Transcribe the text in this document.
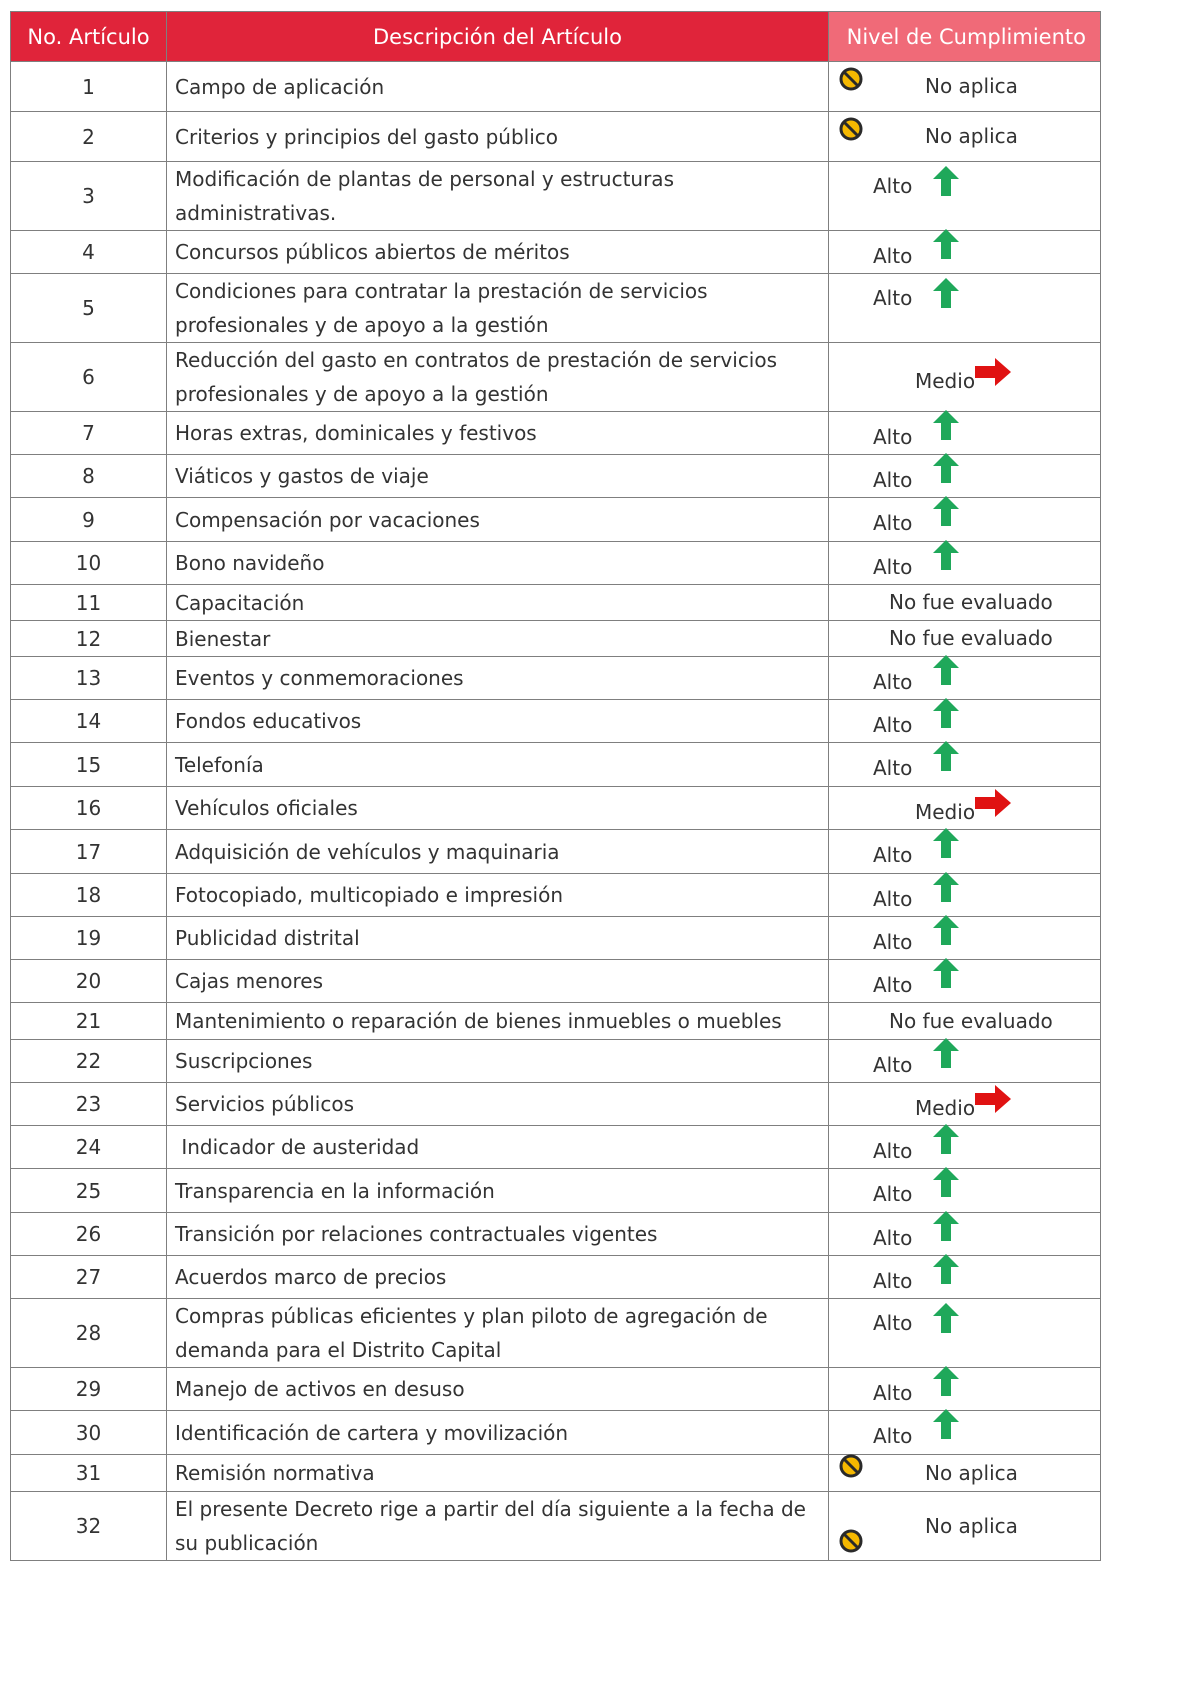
No. Artículo	Descripción del Artículo	Nivel de Cumplimiento
1	Campo de aplicación	No aplica

2	Criterios y principios del gasto público	No aplica

3	Modificación de plantas de personal y estructuras administrativas.	Alto

4	Concursos públicos abiertos de méritos	Alto

5	Condiciones para contratar la prestación de servicios profesionales y de apoyo a la gestión	Alto

6	Reducción del gasto en contratos de prestación de servicios profesionales y de apoyo a la gestión	Medio

7	Horas extras, dominicales y festivos	Alto

8	Viáticos y gastos de viaje	Alto

9	Compensación por vacaciones	Alto

10	Bono navideño	Alto

11	Capacitación	No fue evaluado

12	Bienestar	No fue evaluado

13	Eventos y conmemoraciones	Alto

14	Fondos educativos	Alto

15	Telefonía	Alto

16	Vehículos oficiales	Medio

17	Adquisición de vehículos y maquinaria	Alto

18	Fotocopiado, multicopiado e impresión	Alto

19	Publicidad distrital	Alto

20	Cajas menores	Alto

21	Mantenimiento o reparación de bienes inmuebles o muebles	No fue evaluado

22	Suscripciones	Alto

23	Servicios públicos	Medio

24	Indicador de austeridad	Alto

25	Transparencia en la información	Alto

26	Transición por relaciones contractuales vigentes	Alto

27	Acuerdos marco de precios	Alto

28	Compras públicas eficientes y plan piloto de agregación de demanda para el Distrito Capital	Alto

29	Manejo de activos en desuso	Alto

30	Identificación de cartera y movilización	Alto

31	Remisión normativa	No aplica

32	El presente Decreto rige a partir del día siguiente a la fecha de su publicación	No aplica
